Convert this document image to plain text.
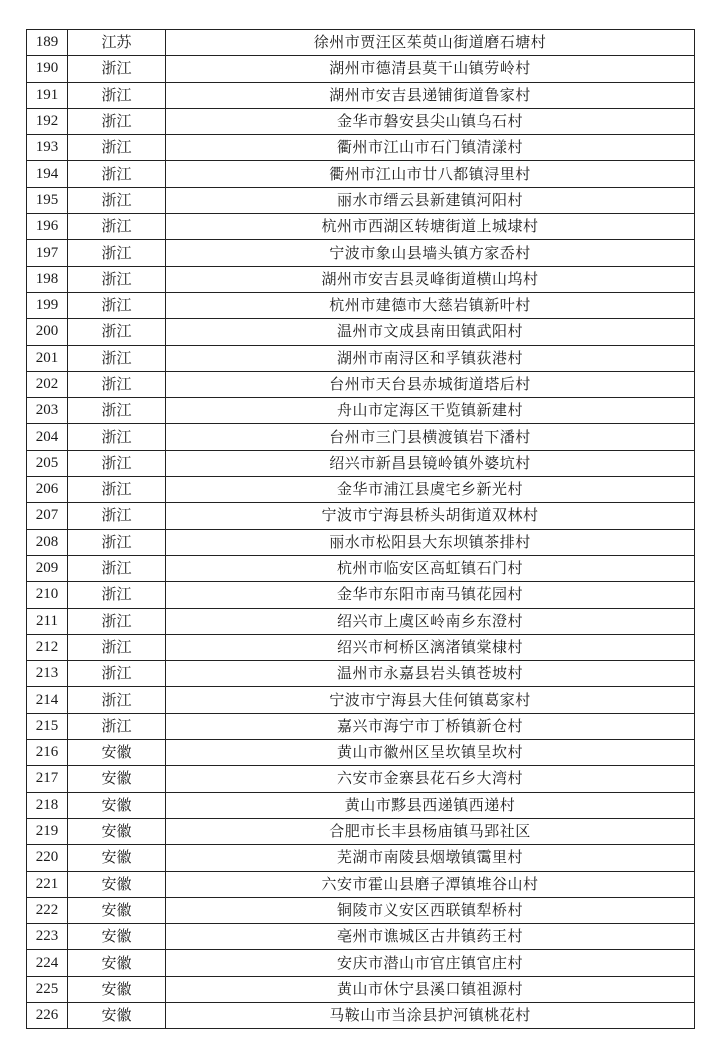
189	江苏	徐州市贾汪区茱萸山街道磨石塘村
190	浙江	湖州市德清县莫干山镇劳岭村
191	浙江	湖州市安吉县递铺街道鲁家村
192	浙江	金华市磐安县尖山镇乌石村
193	浙江	衢州市江山市石门镇清漾村
194	浙江	衢州市江山市廿八都镇浔里村
195	浙江	丽水市缙云县新建镇河阳村
196	浙江	杭州市西湖区转塘街道上城埭村
197	浙江	宁波市象山县墙头镇方家岙村
198	浙江	湖州市安吉县灵峰街道横山坞村
199	浙江	杭州市建德市大慈岩镇新叶村
200	浙江	温州市文成县南田镇武阳村
201	浙江	湖州市南浔区和孚镇荻港村
202	浙江	台州市天台县赤城街道塔后村
203	浙江	舟山市定海区干览镇新建村
204	浙江	台州市三门县横渡镇岩下潘村
205	浙江	绍兴市新昌县镜岭镇外婆坑村
206	浙江	金华市浦江县虞宅乡新光村
207	浙江	宁波市宁海县桥头胡街道双林村
208	浙江	丽水市松阳县大东坝镇茶排村
209	浙江	杭州市临安区高虹镇石门村
210	浙江	金华市东阳市南马镇花园村
211	浙江	绍兴市上虞区岭南乡东澄村
212	浙江	绍兴市柯桥区漓渚镇棠棣村
213	浙江	温州市永嘉县岩头镇苍坡村
214	浙江	宁波市宁海县大佳何镇葛家村
215	浙江	嘉兴市海宁市丁桥镇新仓村
216	安徽	黄山市徽州区呈坎镇呈坎村
217	安徽	六安市金寨县花石乡大湾村
218	安徽	黄山市黟县西递镇西递村
219	安徽	合肥市长丰县杨庙镇马郢社区
220	安徽	芜湖市南陵县烟墩镇霭里村
221	安徽	六安市霍山县磨子潭镇堆谷山村
222	安徽	铜陵市义安区西联镇犁桥村
223	安徽	亳州市谯城区古井镇药王村
224	安徽	安庆市潜山市官庄镇官庄村
225	安徽	黄山市休宁县溪口镇祖源村
226	安徽	马鞍山市当涂县护河镇桃花村
